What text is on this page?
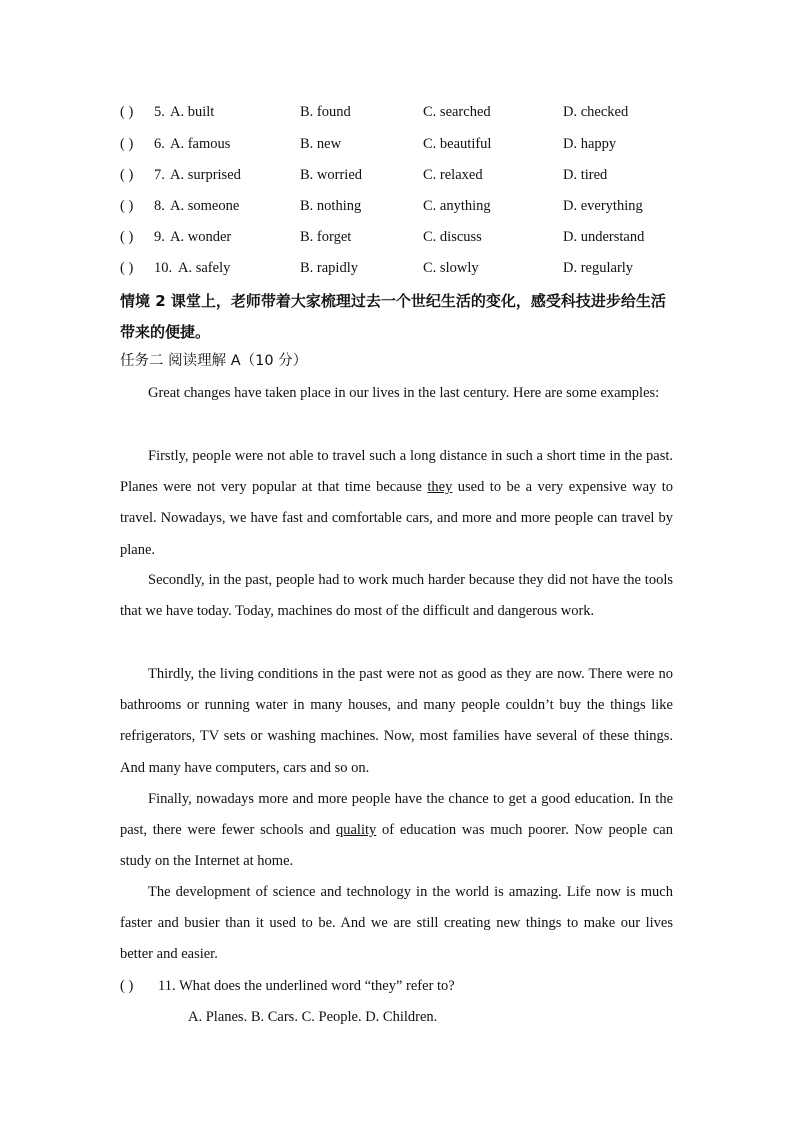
( ) 5. A. built	B. found	C. searched	D. checked
( ) 6. A. famous	B. new	C. beautiful	D. happy
( ) 7. A. surprised	B. worried	C. relaxed	D. tired
( ) 8. A. someone	B. nothing	C. anything	D. everything
( ) 9. A. wonder	B. forget	C. discuss	D. understand
( ) 10. A. safely	B. rapidly	C. slowly	D. regularly
情境 2 课堂上，老师带着大家梳理过去一个世纪生活的变化，感受科技进步给生活带来的便捷。
任务二 阅读理解 A（10 分）

Great changes have taken place in our lives in the last century. Here are some examples:

Firstly, people were not able to travel such a long distance in such a short time in the past. Planes were not very popular at that time because they used to be a very expensive way to travel. Nowadays, we have fast and comfortable cars, and more and more people can travel by plane.

Secondly, in the past, people had to work much harder because they did not have the tools that we have today. Today, machines do most of the difficult and dangerous work.

Thirdly, the living conditions in the past were not as good as they are now. There were no bathrooms or running water in many houses, and many people couldn’t buy the things like refrigerators, TV sets or washing machines. Now, most families have several of these things. And many have computers, cars and so on.

Finally, nowadays more and more people have the chance to get a good education. In the past, there were fewer schools and quality of education was much poorer. Now people can study on the Internet at home.

The development of science and technology in the world is amazing. Life now is much faster and busier than it used to be. And we are still creating new things to make our lives better and easier.

( ) 11. What does the underlined word “they” refer to?
A. Planes. B. Cars. C. People. D. Children.
